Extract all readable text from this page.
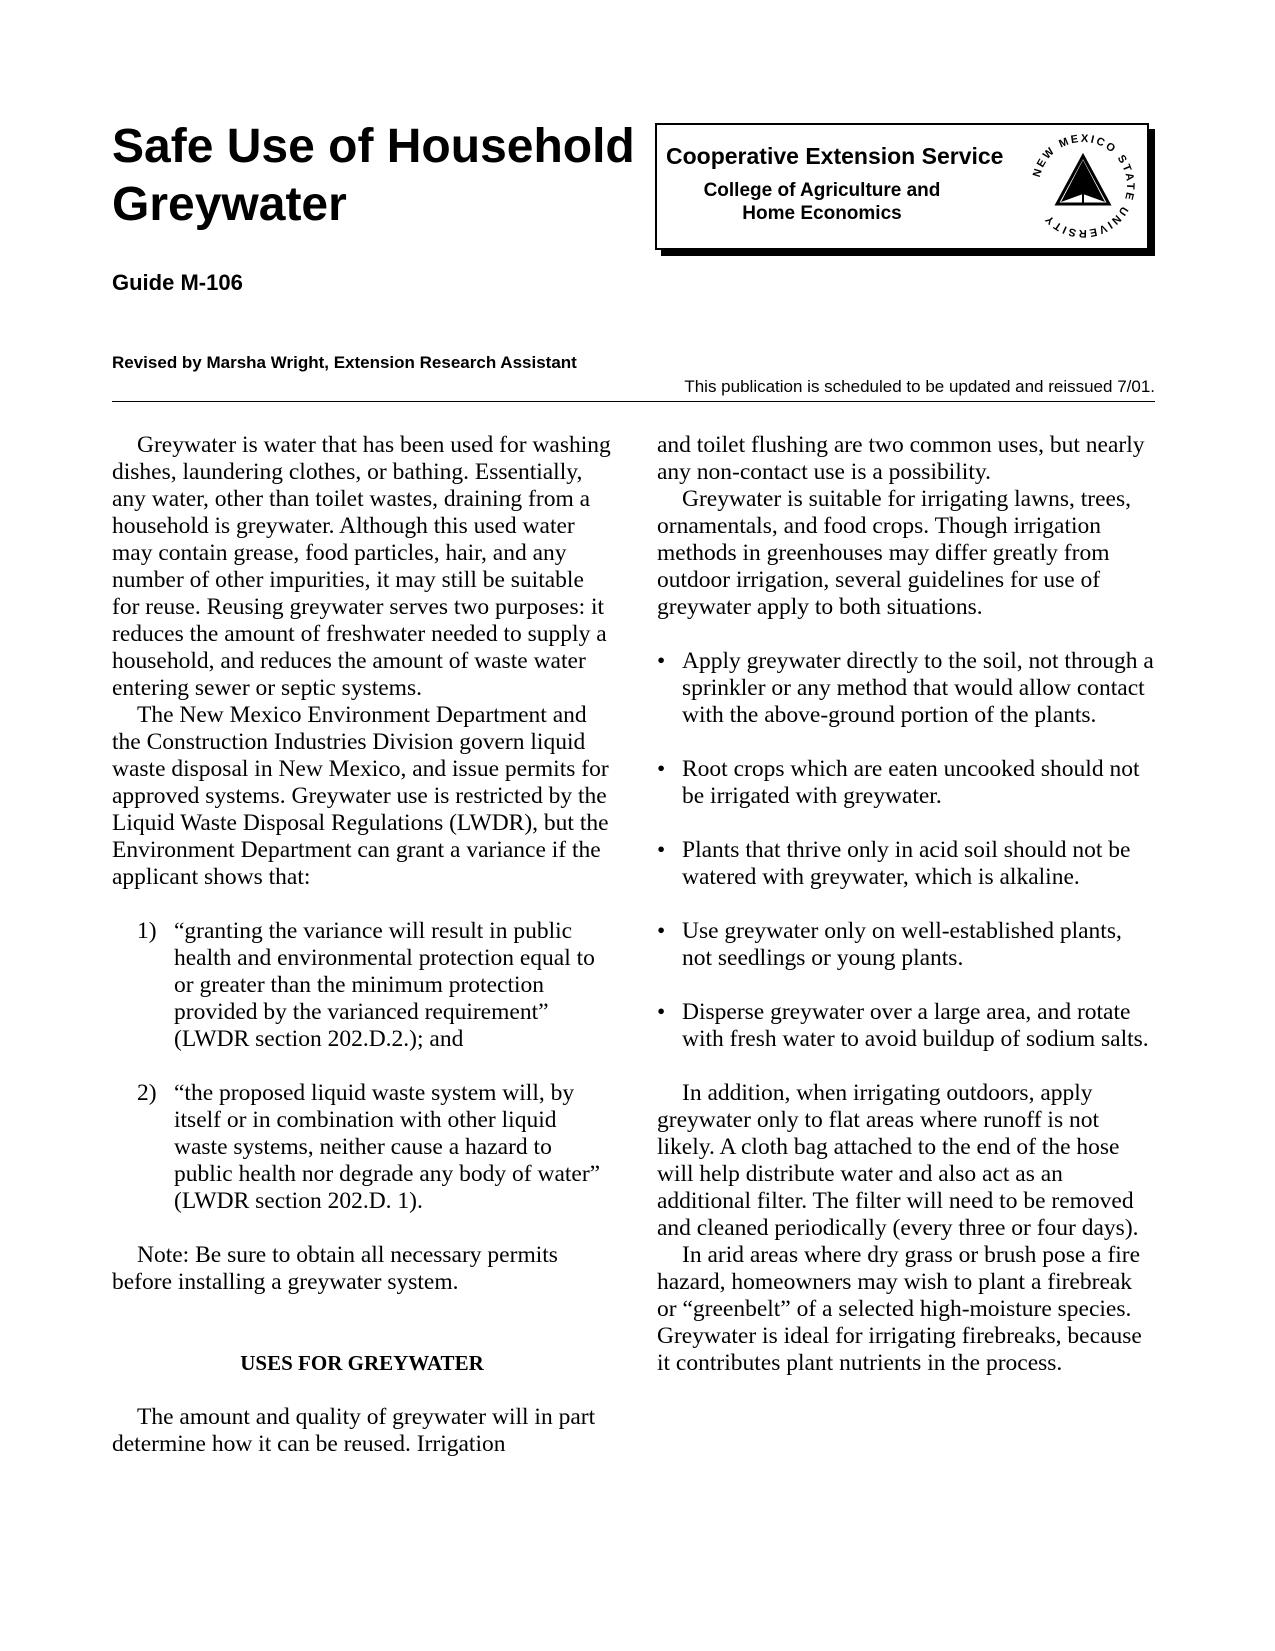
Safe Use of Household
Greywater
Cooperative Extension Service
College of Agriculture and
Home Economics
NEW MEXICO STATE UNIVERSITY
Guide M-106
Revised by Marsha Wright, Extension Research Assistant
This publication is scheduled to be updated and reissued 7/01.

Greywater is water that has been used for washing dishes, laundering clothes, or bathing. Essentially, any water, other than toilet wastes, draining from a household is greywater. Although this used water may contain grease, food particles, hair, and any number of other impurities, it may still be suitable for reuse. Reusing greywater serves two purposes: it reduces the amount of freshwater needed to supply a household, and reduces the amount of waste water entering sewer or septic systems.

The New Mexico Environment Department and the Construction Industries Division govern liquid waste disposal in New Mexico, and issue permits for approved systems. Greywater use is restricted by the Liquid Waste Disposal Regulations (LWDR), but the Environment Department can grant a variance if the applicant shows that:

1) “granting the variance will result in public health and environmental protection equal to or greater than the minimum protection provided by the varianced requirement” (LWDR section 202.D.2.); and
2) “the proposed liquid waste system will, by itself or in combination with other liquid waste systems, neither cause a hazard to public health nor degrade any body of water” (LWDR section 202.D. 1).

Note: Be sure to obtain all necessary permits before installing a greywater system.

USES FOR GREYWATER

The amount and quality of greywater will in part determine how it can be reused. Irrigation

and toilet flushing are two common uses, but nearly any non-contact use is a possibility.

Greywater is suitable for irrigating lawns, trees, ornamentals, and food crops. Though irrigation methods in greenhouses may differ greatly from outdoor irrigation, several guidelines for use of greywater apply to both situations.

• Apply greywater directly to the soil, not through a sprinkler or any method that would allow contact with the above-ground portion of the plants.
• Root crops which are eaten uncooked should not be irrigated with greywater.
• Plants that thrive only in acid soil should not be watered with greywater, which is alkaline.
• Use greywater only on well-established plants, not seedlings or young plants.
• Disperse greywater over a large area, and rotate with fresh water to avoid buildup of sodium salts.

In addition, when irrigating outdoors, apply greywater only to flat areas where runoff is not likely. A cloth bag attached to the end of the hose will help distribute water and also act as an additional filter. The filter will need to be removed and cleaned periodically (every three or four days).

In arid areas where dry grass or brush pose a fire hazard, homeowners may wish to plant a firebreak or “greenbelt” of a selected high-moisture species. Greywater is ideal for irrigating firebreaks, because it contributes plant nutrients in the process.
